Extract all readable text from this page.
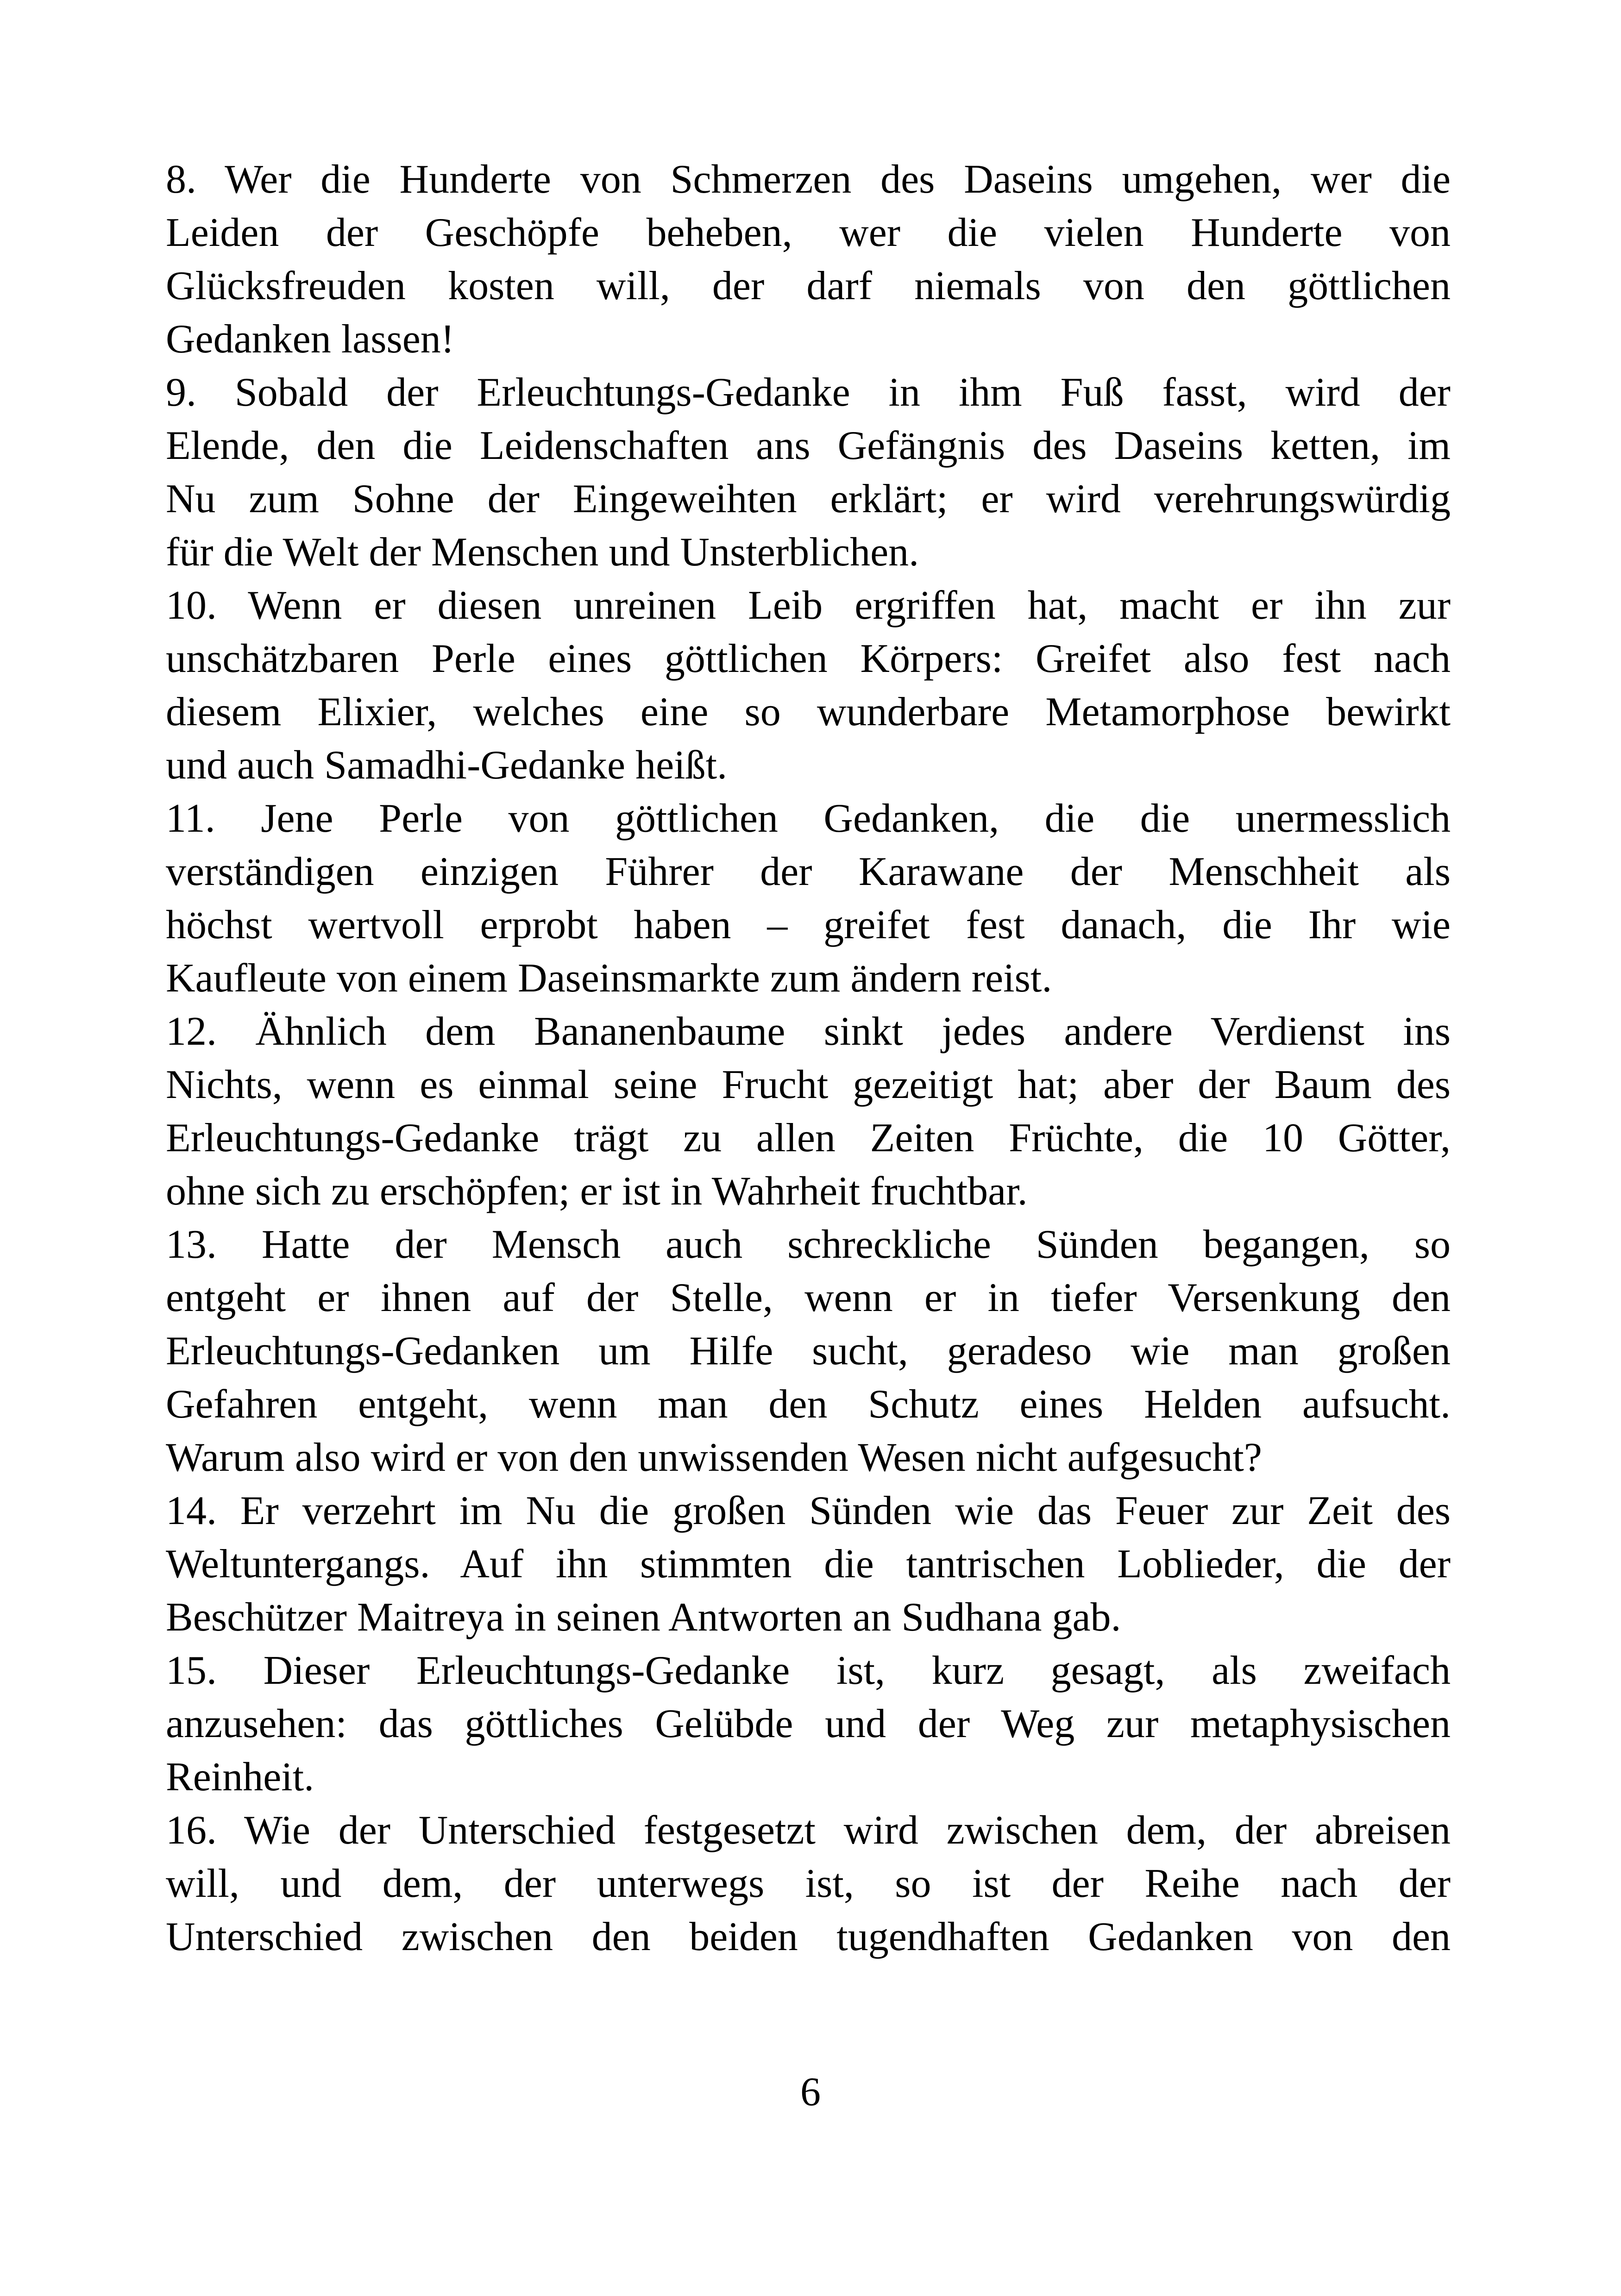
8. Wer die Hunderte von Schmerzen des Daseins umgehen, wer die
Leiden der Geschöpfe beheben, wer die vielen Hunderte von
Glücksfreuden kosten will, der darf niemals von den göttlichen
Gedanken lassen!
9. Sobald der Erleuchtungs-Gedanke in ihm Fuß fasst, wird der
Elende, den die Leidenschaften ans Gefängnis des Daseins ketten, im
Nu zum Sohne der Eingeweihten erklärt; er wird verehrungswürdig
für die Welt der Menschen und Unsterblichen.
10. Wenn er diesen unreinen Leib ergriffen hat, macht er ihn zur
unschätzbaren Perle eines göttlichen Körpers: Greifet also fest nach
diesem Elixier, welches eine so wunderbare Metamorphose bewirkt
und auch Samadhi-Gedanke heißt.
11. Jene Perle von göttlichen Gedanken, die die unermesslich
verständigen einzigen Führer der Karawane der Menschheit als
höchst wertvoll erprobt haben – greifet fest danach, die Ihr wie
Kaufleute von einem Daseinsmarkte zum ändern reist.
12. Ähnlich dem Bananenbaume sinkt jedes andere Verdienst ins
Nichts, wenn es einmal seine Frucht gezeitigt hat; aber der Baum des
Erleuchtungs-Gedanke trägt zu allen Zeiten Früchte, die 10 Götter,
ohne sich zu erschöpfen; er ist in Wahrheit fruchtbar.
13. Hatte der Mensch auch schreckliche Sünden begangen, so
entgeht er ihnen auf der Stelle, wenn er in tiefer Versenkung den
Erleuchtungs-Gedanken um Hilfe sucht, geradeso wie man großen
Gefahren entgeht, wenn man den Schutz eines Helden aufsucht.
Warum also wird er von den unwissenden Wesen nicht aufgesucht?
14. Er verzehrt im Nu die großen Sünden wie das Feuer zur Zeit des
Weltuntergangs. Auf ihn stimmten die tantrischen Loblieder, die der
Beschützer Maitreya in seinen Antworten an Sudhana gab.
15. Dieser Erleuchtungs-Gedanke ist, kurz gesagt, als zweifach
anzusehen: das göttliches Gelübde und der Weg zur metaphysischen
Reinheit.
16. Wie der Unterschied festgesetzt wird zwischen dem, der abreisen
will, und dem, der unterwegs ist, so ist der Reihe nach der
Unterschied zwischen den beiden tugendhaften Gedanken von den
6
